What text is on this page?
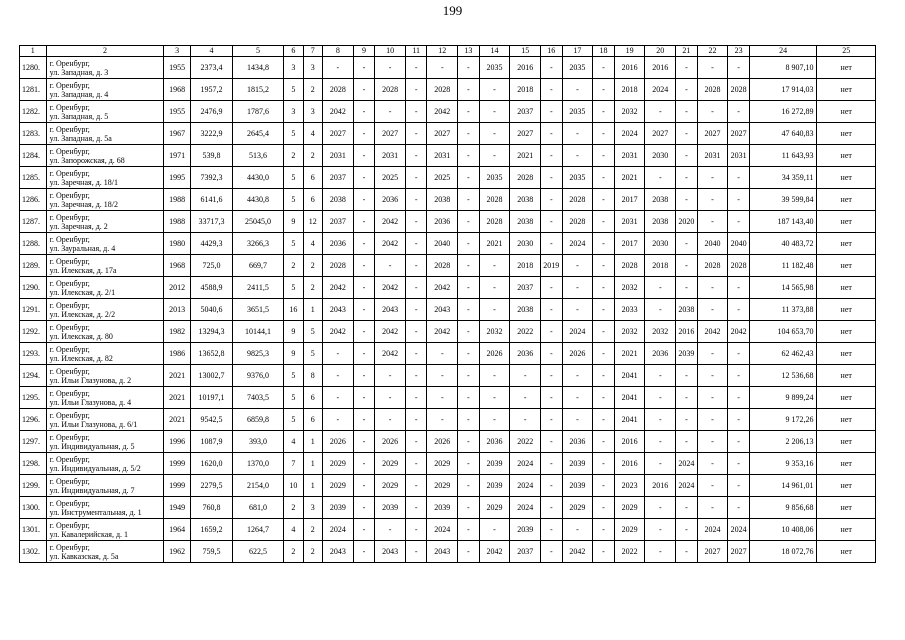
199
1	2	3	4	5	6	7	8	9	10	11	12	13	14	15	16	17	18	19	20	21	22	23	24	25
1280.	г. Оренбург,
ул. Западная, д. 3	1955	2373,4	1434,8	3	3	-	-	-	-	-	-	2035	2016	-	2035	-	2016	2016	-	-	-	8 907,10	нет
1281.	г. Оренбург,
ул. Западная, д. 4	1968	1957,2	1815,2	5	2	2028	-	2028	-	2028	-	-	2018	-	-	-	2018	2024	-	2028	2028	17 914,03	нет
1282.	г. Оренбург,
ул. Западная, д. 5	1955	2476,9	1787,6	3	3	2042	-	-	-	2042	-	-	2037	-	2035	-	2032	-	-	-	-	16 272,89	нет
1283.	г. Оренбург,
ул. Западная, д. 5а	1967	3222,9	2645,4	5	4	2027	-	2027	-	2027	-	-	2027	-	-	-	2024	2027	-	2027	2027	47 640,83	нет
1284.	г. Оренбург,
ул. Запорожская, д. 68	1971	539,8	513,6	2	2	2031	-	2031	-	2031	-	-	2021	-	-	-	2031	2030	-	2031	2031	11 643,93	нет
1285.	г. Оренбург,
ул. Заречная, д. 18/1	1995	7392,3	4430,0	5	6	2037	-	2025	-	2025	-	2035	2028	-	2035	-	2021	-	-	-	-	34 359,11	нет
1286.	г. Оренбург,
ул. Заречная, д. 18/2	1988	6141,6	4430,8	5	6	2038	-	2036	-	2038	-	2028	2038	-	2028	-	2017	2038	-	-	-	39 599,84	нет
1287.	г. Оренбург,
ул. Заречная, д. 2	1988	33717,3	25045,0	9	12	2037	-	2042	-	2036	-	2028	2038	-	2028	-	2031	2038	2020	-	-	187 143,40	нет
1288.	г. Оренбург,
ул. Зауральная, д. 4	1980	4429,3	3266,3	5	4	2036	-	2042	-	2040	-	2021	2030	-	2024	-	2017	2030	-	2040	2040	40 483,72	нет
1289.	г. Оренбург,
ул. Илекская, д. 17а	1968	725,0	669,7	2	2	2028	-	-	-	2028	-	-	2018	2019	-	-	2028	2018	-	2028	2028	11 182,48	нет
1290.	г. Оренбург,
ул. Илекская, д. 2/1	2012	4588,9	2411,5	5	2	2042	-	2042	-	2042	-	-	2037	-	-	-	2032	-	-	-	-	14 565,98	нет
1291.	г. Оренбург,
ул. Илекская, д. 2/2	2013	5040,6	3651,5	16	1	2043	-	2043	-	2043	-	-	2038	-	-	-	2033	-	2038	-	-	11 373,88	нет
1292.	г. Оренбург,
ул. Илекская, д. 80	1982	13294,3	10144,1	9	5	2042	-	2042	-	2042	-	2032	2022	-	2024	-	2032	2032	2016	2042	2042	104 653,70	нет
1293.	г. Оренбург,
ул. Илекская, д. 82	1986	13652,8	9825,3	9	5	-	-	2042	-	-	-	2026	2036	-	2026	-	2021	2036	2039	-	-	62 462,43	нет
1294.	г. Оренбург,
ул. Ильи Глазунова, д. 2	2021	13002,7	9376,0	5	8	-	-	-	-	-	-	-	-	-	-	-	2041	-	-	-	-	12 536,68	нет
1295.	г. Оренбург,
ул. Ильи Глазунова, д. 4	2021	10197,1	7403,5	5	6	-	-	-	-	-	-	-	-	-	-	-	2041	-	-	-	-	9 899,24	нет
1296.	г. Оренбург,
ул. Ильи Глазунова, д. 6/1	2021	9542,5	6859,8	5	6	-	-	-	-	-	-	-	-	-	-	-	2041	-	-	-	-	9 172,26	нет
1297.	г. Оренбург,
ул. Индивидуальная, д. 5	1996	1087,9	393,0	4	1	2026	-	2026	-	2026	-	2036	2022	-	2036	-	2016	-	-	-	-	2 206,13	нет
1298.	г. Оренбург,
ул. Индивидуальная, д. 5/2	1999	1620,0	1370,0	7	1	2029	-	2029	-	2029	-	2039	2024	-	2039	-	2016	-	2024	-	-	9 353,16	нет
1299.	г. Оренбург,
ул. Индивидуальная, д. 7	1999	2279,5	2154,0	10	1	2029	-	2029	-	2029	-	2039	2024	-	2039	-	2023	2016	2024	-	-	14 961,01	нет
1300.	г. Оренбург,
ул. Инструментальная, д. 1	1949	760,8	681,0	2	3	2039	-	2039	-	2039	-	2029	2024	-	2029	-	2029	-	-	-	-	9 856,68	нет
1301.	г. Оренбург,
ул. Кавалерийская, д. 1	1964	1659,2	1264,7	4	2	2024	-	-	-	2024	-	-	2039	-	-	-	2029	-	-	2024	2024	10 408,06	нет
1302.	г. Оренбург,
ул. Кавказская, д. 5а	1962	759,5	622,5	2	2	2043	-	2043	-	2043	-	2042	2037	-	2042	-	2022	-	-	2027	2027	18 072,76	нет
